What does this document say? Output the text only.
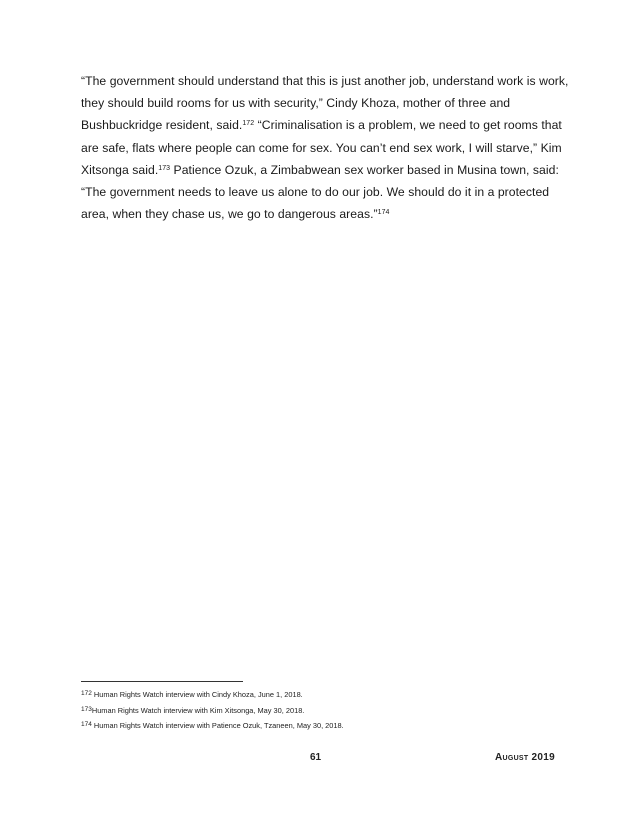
“The government should understand that this is just another job, understand work is work,
they should build rooms for us with security,” Cindy Khoza, mother of three and
Bushbuckridge resident, said.$^{172}$ “Criminalisation is a problem, we need to get rooms that
are safe, flats where people can come for sex. You can’t end sex work, I will starve,” Kim
Xitsonga said.$^{173}$ Patience Ozuk, a Zimbabwean sex worker based in Musina town, said:
“The government needs to leave us alone to do our job. We should do it in a protected
area, when they chase us, we go to dangerous areas.”$^{174}$

$^{172}$ Human Rights Watch interview with Cindy Khoza, June 1, 2018.
$^{173}$Human Rights Watch interview with Kim Xitsonga, May 30, 2018.
$^{174}$ Human Rights Watch interview with Patience Ozuk, Tzaneen, May 30, 2018.
61	August 2019
